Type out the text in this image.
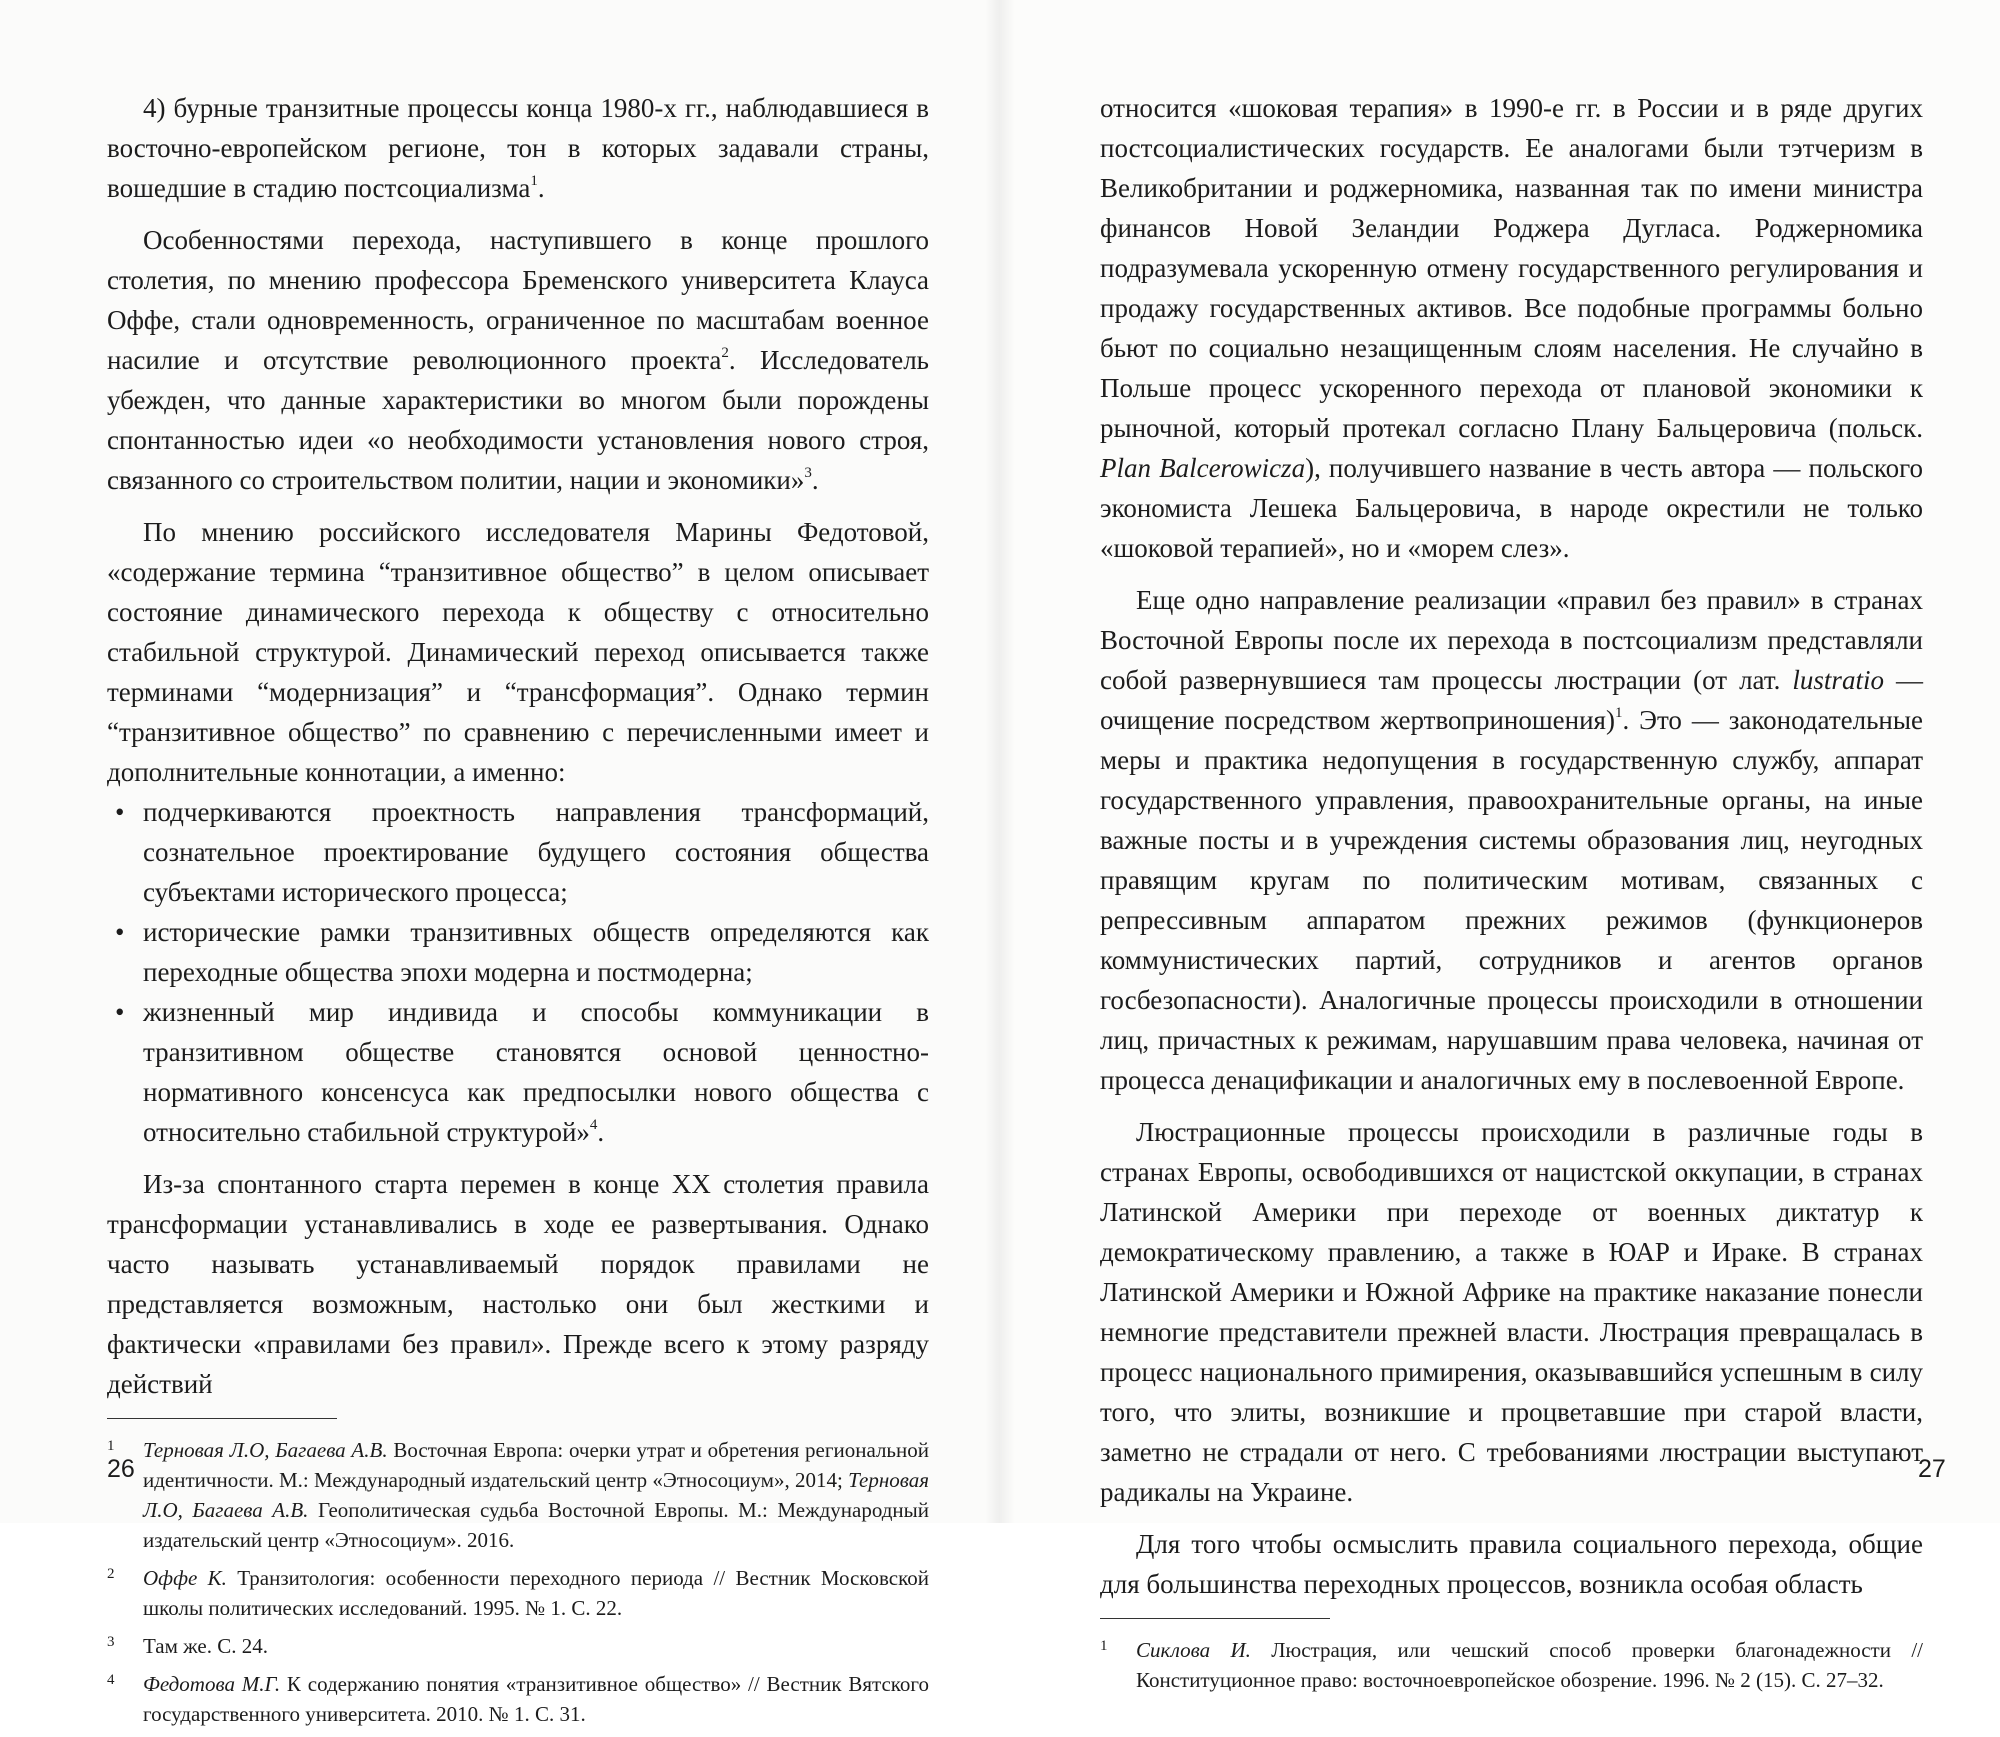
4) бурные транзитные процессы конца 1980-х гг., наблюдавшиеся в восточно-европейском регионе, тон в которых задавали страны, вошедшие в стадию постсоциализма$^1$.

Особенностями перехода, наступившего в конце прошлого столетия, по мнению профессора Бременского университета Клауса Оффе, стали одновременность, ограниченное по масштабам военное насилие и отсутствие революционного проекта$^2$. Исследователь убежден, что данные характеристики во многом были порождены спонтанностью идеи «о необходимости установления нового строя, связанного со строительством политии, нации и экономики»$^3$.

По мнению российского исследователя Марины Федотовой, «содержание термина “транзитивное общество” в целом описывает состояние динамического перехода к обществу с относительно стабильной структурой. Динамический переход описывается также терминами “модернизация” и “трансформация”. Однако термин “транзитивное общество” по сравнению с перечисленными имеет и дополнительные коннотации, а именно:

• подчеркиваются проектность направления трансформаций, сознательное проектирование будущего состояния общества субъектами исторического процесса;
• исторические рамки транзитивных обществ определяются как переходные общества эпохи модерна и постмодерна;
• жизненный мир индивида и способы коммуникации в транзитивном обществе становятся основой ценностно-нормативного консенсуса как предпосылки нового общества с относительно стабильной структурой»$^4$.

Из-за спонтанного старта перемен в конце XX столетия правила трансформации устанавливались в ходе ее развертывания. Однако часто называть устанавливаемый порядок правилами не представляется возможным, настолько они был жесткими и фактически «правилами без правил». Прежде всего к этому разряду действий

1 Терновая Л.О, Багаева А.В. Восточная Европа: очерки утрат и обретения региональной идентичности. М.: Международный издательский центр «Этносоциум», 2014; Терновая Л.О, Багаева А.В. Геополитическая судьба Восточной Европы. М.: Международный издательский центр «Этносоциум». 2016.
2 Оффе К. Транзитология: особенности переходного периода // Вестник Московской школы политических исследований. 1995. № 1. С. 22.
3 Там же. С. 24.
4 Федотова М.Г. К содержанию понятия «транзитивное общество» // Вестник Вятского государственного университета. 2010. № 1. С. 31.
26

относится «шоковая терапия» в 1990-е гг. в России и в ряде других постсоциалистических государств. Ее аналогами были тэтчеризм в Великобритании и роджерномика, названная так по имени министра финансов Новой Зеландии Роджера Дугласа. Роджерномика подразумевала ускоренную отмену государственного регулирования и продажу государственных активов. Все подобные программы больно бьют по социально незащищенным слоям населения. Не случайно в Польше процесс ускоренного перехода от плановой экономики к рыночной, который протекал согласно Плану Бальцеровича (польск. Plan Balcerowicza), получившего название в честь автора — польского экономиста Лешека Бальцеровича, в народе окрестили не только «шоковой терапией», но и «морем слез».

Еще одно направление реализации «правил без правил» в странах Восточной Европы после их перехода в постсоциализм представляли собой развернувшиеся там процессы люстрации (от лат. lustratio — очищение посредством жертвоприношения)$^1$. Это — законодательные меры и практика недопущения в государственную службу, аппарат государственного управления, правоохранительные органы, на иные важные посты и в учреждения системы образования лиц, неугодных правящим кругам по политическим мотивам, связанных с репрессивным аппаратом прежних режимов (функционеров коммунистических партий, сотрудников и агентов органов госбезопасности). Аналогичные процессы происходили в отношении лиц, причастных к режимам, нарушавшим права человека, начиная от процесса денацификации и аналогичных ему в послевоенной Европе.

Люстрационные процессы происходили в различные годы в странах Европы, освободившихся от нацистской оккупации, в странах Латинской Америки при переходе от военных диктатур к демократическому правлению, а также в ЮАР и Ираке. В странах Латинской Америки и Южной Африке на практике наказание понесли немногие представители прежней власти. Люстрация превращалась в процесс национального примирения, оказывавшийся успешным в силу того, что элиты, возникшие и процветавшие при старой власти, заметно не страдали от него. С требованиями люстрации выступают радикалы на Украине.

Для того чтобы осмыслить правила социального перехода, общие для большинства переходных процессов, возникла особая область

1 Сиклова И. Люстрация, или чешский способ проверки благонадежности // Конституционное право: восточноевропейское обозрение. 1996. № 2 (15). С. 27–32.
27
